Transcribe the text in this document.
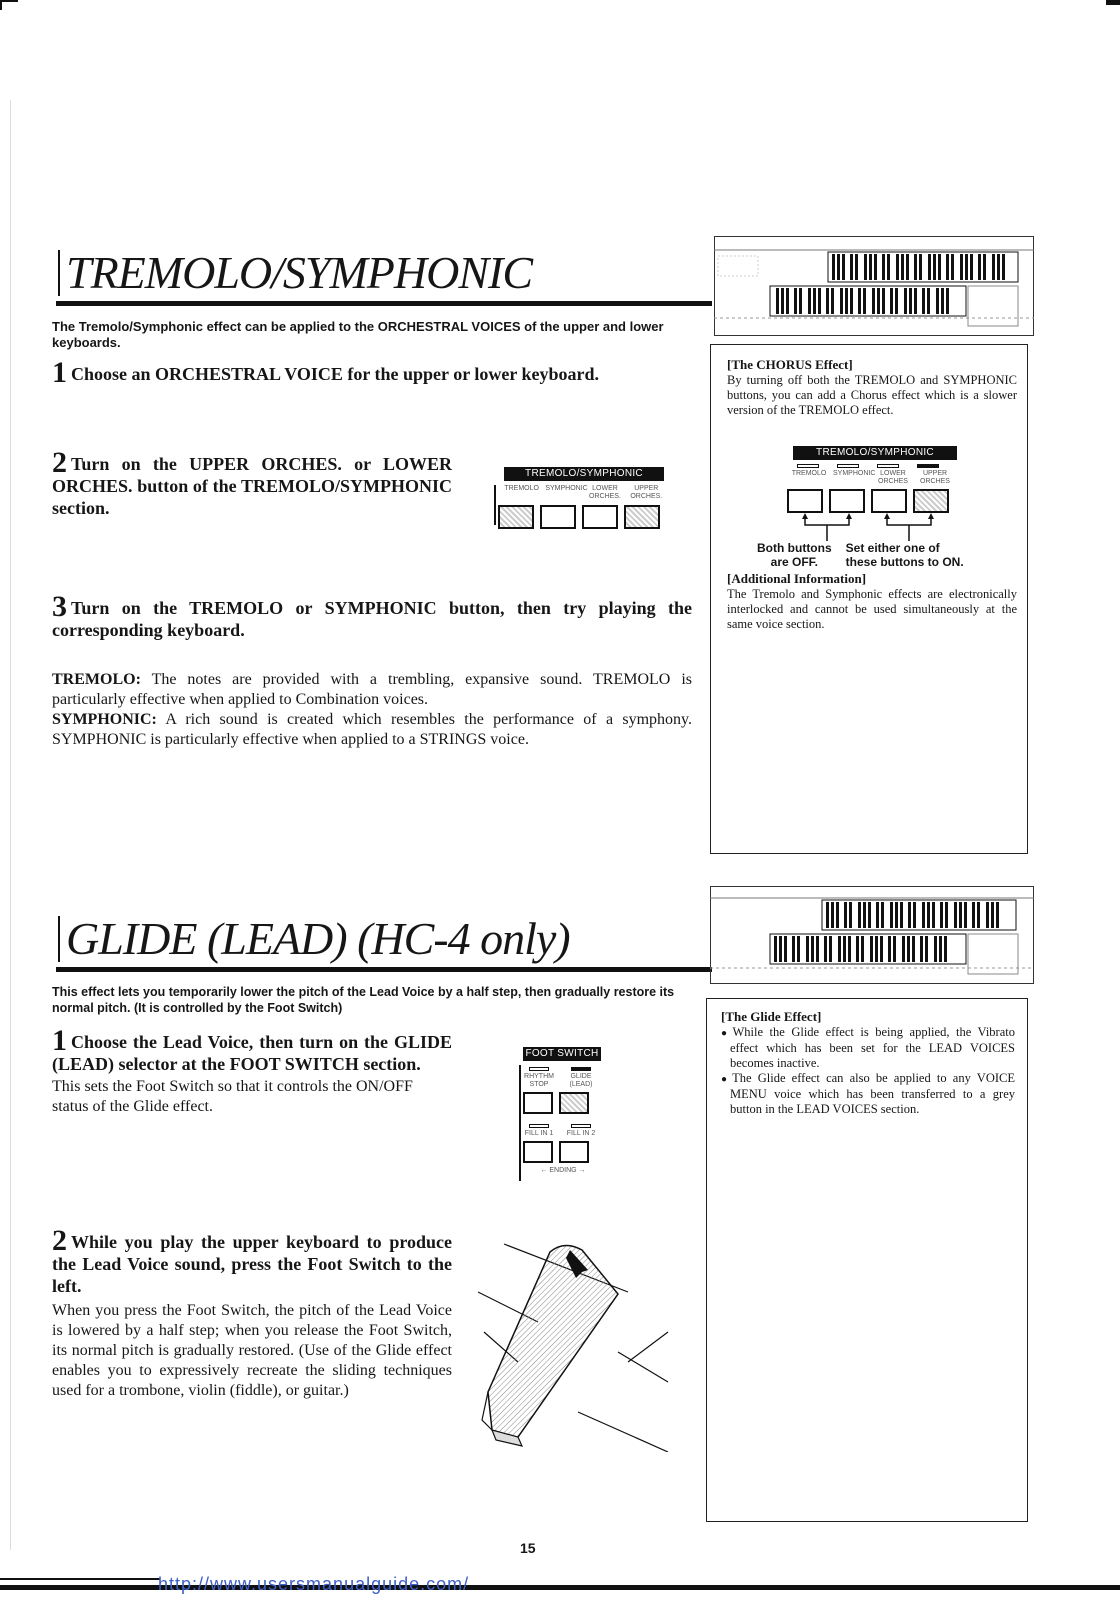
TREMOLO/SYMPHONIC
The Tremolo/Symphonic effect can be applied to the ORCHESTRAL VOICES of the upper and lower keyboards.
1 Choose an ORCHESTRAL VOICE for the upper or lower keyboard.
2 Turn on the UPPER ORCHES. or LOWER ORCHES. button of the TREMOLO/SYMPHONIC section.
TREMOLO/SYMPHONIC
TREMOLO SYMPHONIC LOWER ORCHES.
UPPER ORCHES.
3 Turn on the TREMOLO or SYMPHONIC button, then try playing the corresponding keyboard.
TREMOLO: The notes are provided with a trembling, expansive sound. TREMOLO is particularly effective when applied to Combination voices.
SYMPHONIC: A rich sound is created which resembles the performance of a symphony. SYMPHONIC is particularly effective when applied to a STRINGS voice.
[The CHORUS Effect]
By turning off both the TREMOLO and SYMPHONIC buttons, you can add a Chorus effect which is a slower version of the TREMOLO effect.
TREMOLO/SYMPHONIC
TREMOLO SYMPHONIC LOWER ORCHES
UPPER ORCHES
Both buttons
are OFF.
Set either one of
these buttons to ON.
[Additional Information]
The Tremolo and Symphonic effects are electronically interlocked and cannot be used simultaneously at the same voice section.
GLIDE (LEAD) (HC-4 only)
This effect lets you temporarily lower the pitch of the Lead Voice by a half step, then gradually restore its normal pitch. (It is controlled by the Foot Switch)
1 Choose the Lead Voice, then turn on the GLIDE (LEAD) selector at the FOOT SWITCH section.
This sets the Foot Switch so that it controls the ON/OFF status of the Glide effect.
FOOT SWITCH
RHYTHM STOP
GLIDE (LEAD)
FILL IN 1	FILL IN 2
← ENDING →
2 While you play the upper keyboard to produce the Lead Voice sound, press the Foot Switch to the left.
When you press the Foot Switch, the pitch of the Lead Voice is lowered by a half step; when you release the Foot Switch, its normal pitch is gradually restored. (Use of the Glide effect enables you to expressively recreate the sliding techniques used for a trombone, violin (fiddle), or guitar.)
[The Glide Effect]
● While the Glide effect is being applied, the Vibrato effect which has been set for the LEAD VOICES becomes inactive.
● The Glide effect can also be applied to any VOICE MENU voice which has been transferred to a grey button in the LEAD VOICES section.
15
http://www.usersmanualguide.com/
